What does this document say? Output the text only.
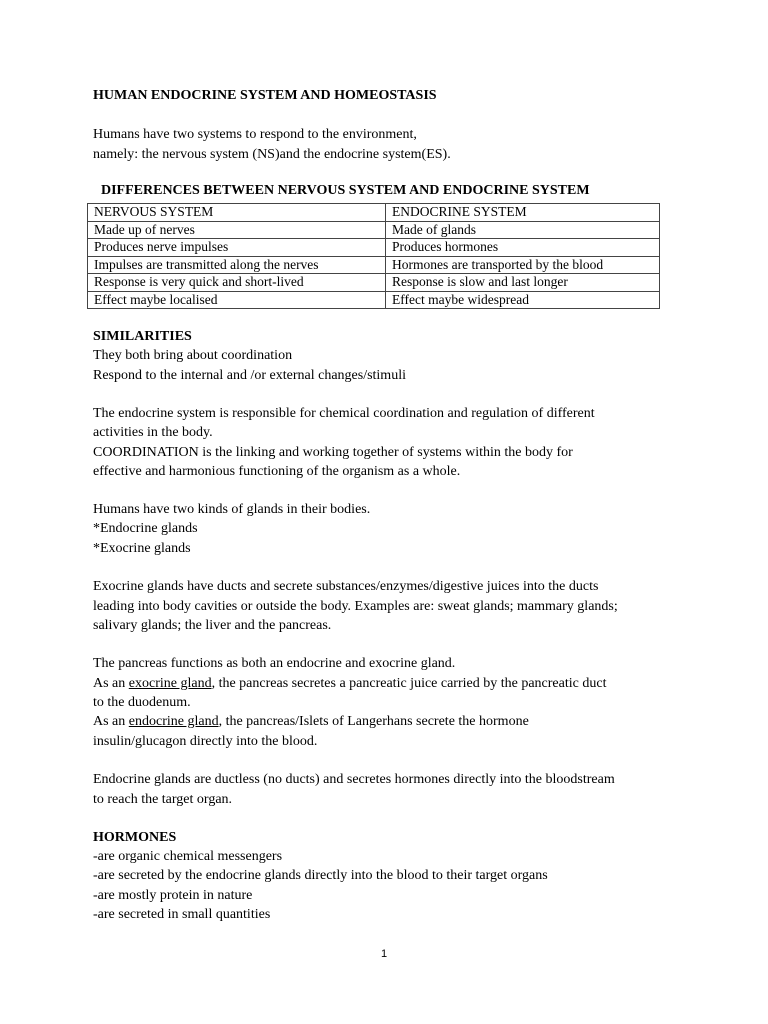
HUMAN ENDOCRINE SYSTEM AND HOMEOSTASIS
Humans have two systems to respond to the environment,
namely: the nervous system (NS)and the endocrine system(ES).
DIFFERENCES BETWEEN NERVOUS SYSTEM AND ENDOCRINE SYSTEM
NERVOUS SYSTEM	ENDOCRINE SYSTEM
Made up of nerves	Made of glands
Produces nerve impulses	Produces hormones
Impulses are transmitted along the nerves	Hormones are transported by the blood
Response is very quick and short-lived	Response is slow and last longer
Effect maybe localised	Effect maybe widespread
SIMILARITIES
They both bring about coordination
Respond to the internal and /or external changes/stimuli
The endocrine system is responsible for chemical coordination and regulation of different
activities in the body.
COORDINATION is the linking and working together of systems within the body for
effective and harmonious functioning of the organism as a whole.
Humans have two kinds of glands in their bodies.
*Endocrine glands
*Exocrine glands
Exocrine glands have ducts and secrete substances/enzymes/digestive juices into the ducts
leading into body cavities or outside the body. Examples are: sweat glands; mammary glands;
salivary glands; the liver and the pancreas.
The pancreas functions as both an endocrine and exocrine gland.
As an exocrine gland, the pancreas secretes a pancreatic juice carried by the pancreatic duct
to the duodenum.
As an endocrine gland, the pancreas/Islets of Langerhans secrete the hormone
insulin/glucagon directly into the blood.
Endocrine glands are ductless (no ducts) and secretes hormones directly into the bloodstream
to reach the target organ.
HORMONES
-are organic chemical messengers
-are secreted by the endocrine glands directly into the blood to their target organs
-are mostly protein in nature
-are secreted in small quantities
1
